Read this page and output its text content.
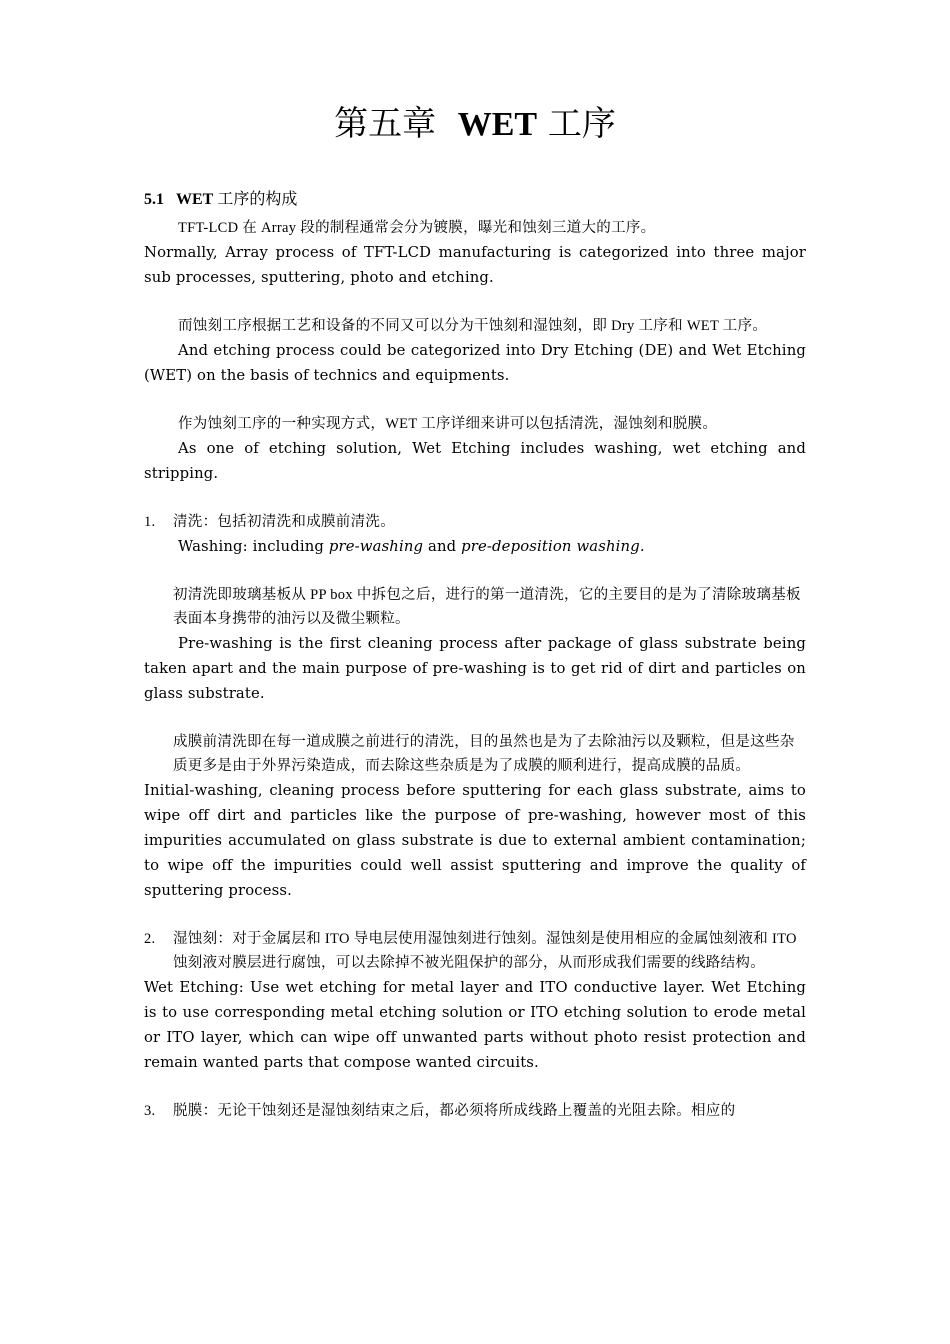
第五章 WET 工序
5.1 WET 工序的构成
TFT-LCD 在 Array 段的制程通常会分为镀膜，曝光和蚀刻三道大的工序。
Normally, Array process of TFT-LCD manufacturing is categorized into three major sub processes, sputtering, photo and etching.
而蚀刻工序根据工艺和设备的不同又可以分为干蚀刻和湿蚀刻，即 Dry 工序和 WET 工序。
And etching process could be categorized into Dry Etching (DE) and Wet Etching (WET) on the basis of technics and equipments.
作为蚀刻工序的一种实现方式，WET 工序详细来讲可以包括清洗，湿蚀刻和脱膜。
As one of etching solution, Wet Etching includes washing, wet etching and stripping.
1. 清洗：包括初清洗和成膜前清洗。
Washing: including pre-washing and pre-deposition washing.
初清洗即玻璃基板从 PP box 中拆包之后，进行的第一道清洗，它的主要目的是为了清除玻璃基板表面本身携带的油污以及微尘颗粒。
Pre-washing is the first cleaning process after package of glass substrate being taken apart and the main purpose of pre-washing is to get rid of dirt and particles on glass substrate.
成膜前清洗即在每一道成膜之前进行的清洗，目的虽然也是为了去除油污以及颗粒，但是这些杂质更多是由于外界污染造成，而去除这些杂质是为了成膜的顺利进行，提高成膜的品质。
Initial-washing, cleaning process before sputtering for each glass substrate, aims to wipe off dirt and particles like the purpose of pre-washing, however most of this impurities accumulated on glass substrate is due to external ambient contamination; to wipe off the impurities could well assist sputtering and improve the quality of sputtering process.
2. 湿蚀刻：对于金属层和 ITO 导电层使用湿蚀刻进行蚀刻。湿蚀刻是使用相应的金属蚀刻液和 ITO 蚀刻液对膜层进行腐蚀，可以去除掉不被光阻保护的部分，从而形成我们需要的线路结构。
Wet Etching: Use wet etching for metal layer and ITO conductive layer. Wet Etching is to use corresponding metal etching solution or ITO etching solution to erode metal or ITO layer, which can wipe off unwanted parts without photo resist protection and remain wanted parts that compose wanted circuits.
3. 脱膜：无论干蚀刻还是湿蚀刻结束之后，都必须将所成线路上覆盖的光阻去除。相应的
